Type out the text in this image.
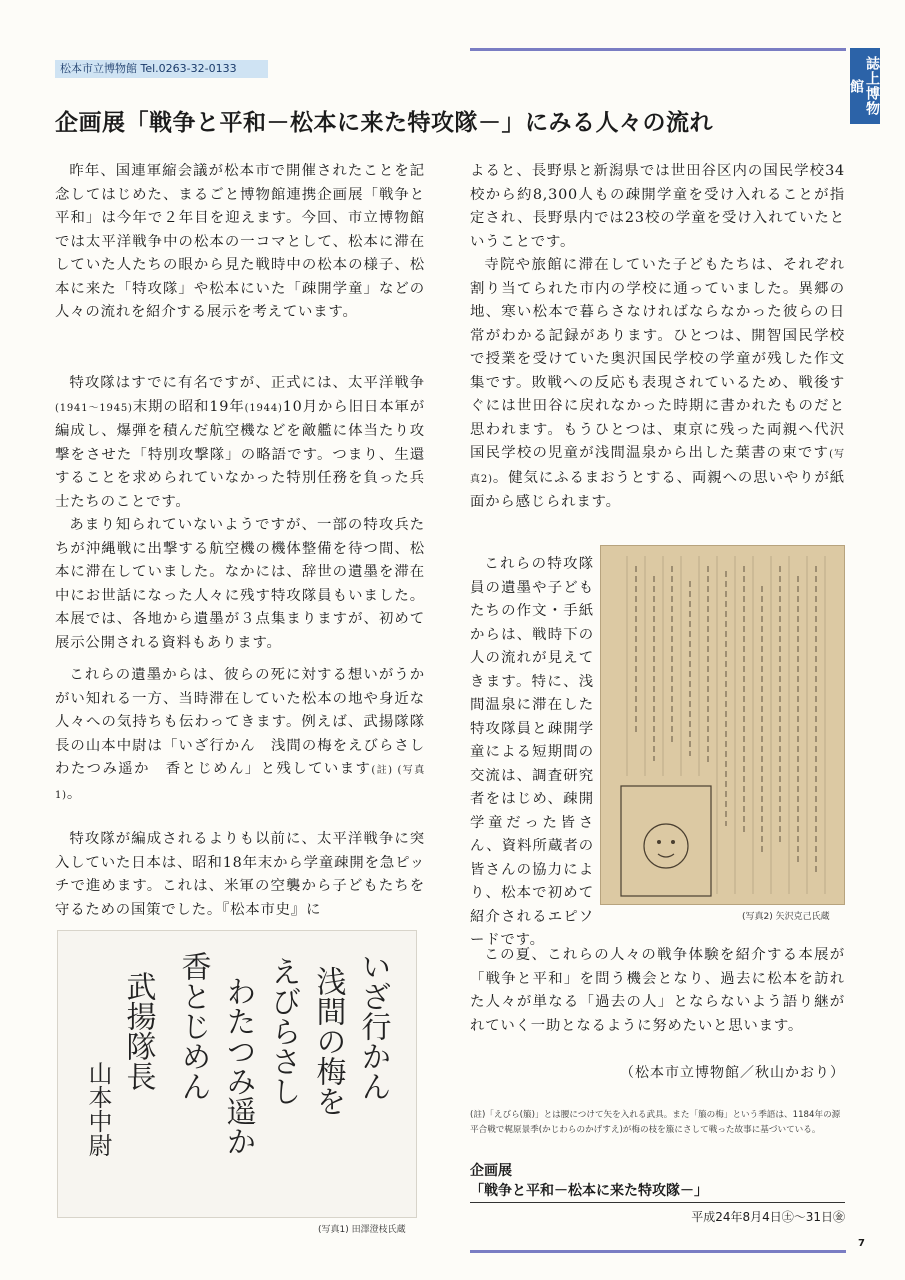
松本市立博物館 Tel.0263-32-0133	誌上博物館
企画展「戦争と平和－松本に来た特攻隊－」にみる人々の流れ

昨年、国連軍縮会議が松本市で開催されたことを記念してはじめた、まるごと博物館連携企画展「戦争と平和」は今年で２年目を迎えます。今回、市立博物館では太平洋戦争中の松本の一コマとして、松本に滞在していた人たちの眼から見た戦時中の松本の様子、松本に来た「特攻隊」や松本にいた「疎開学童」などの人々の流れを紹介する展示を考えています。

特攻隊はすでに有名ですが、正式には、太平洋戦争(1941～1945)末期の昭和19年(1944)10月から旧日本軍が編成し、爆弾を積んだ航空機などを敵艦に体当たり攻撃をさせた「特別攻撃隊」の略語です。つまり、生還することを求められていなかった特別任務を負った兵士たちのことです。

あまり知られていないようですが、一部の特攻兵たちが沖縄戦に出撃する航空機の機体整備を待つ間、松本に滞在していました。なかには、辞世の遺墨を滞在中にお世話になった人々に残す特攻隊員もいました。本展では、各地から遺墨が３点集まりますが、初めて展示公開される資料もあります。

これらの遺墨からは、彼らの死に対する想いがうかがい知れる一方、当時滞在していた松本の地や身近な人々への気持ちも伝わってきます。例えば、武揚隊隊長の山本中尉は「いざ行かん　浅間の梅をえびらさし　わたつみ遥か　香とじめん」と残しています(註) (写真1)。

特攻隊が編成されるよりも以前に、太平洋戦争に突入していた日本は、昭和18年末から学童疎開を急ピッチで進めます。これは、米軍の空襲から子どもたちを守るための国策でした。『松本市史』に

いざ行かん
浅間の梅を
えびらさし
わたつみ遥か
香とじめん
武揚隊長
山本中尉
(写真1) 田澤澄枝氏蔵

よると、長野県と新潟県では世田谷区内の国民学校34校から約8,300人もの疎開学童を受け入れることが指定され、長野県内では23校の学童を受け入れていたということです。

寺院や旅館に滞在していた子どもたちは、それぞれ割り当てられた市内の学校に通っていました。異郷の地、寒い松本で暮らさなければならなかった彼らの日常がわかる記録があります。ひとつは、開智国民学校で授業を受けていた奥沢国民学校の学童が残した作文集です。敗戦への反応も表現されているため、戦後すぐには世田谷に戻れなかった時期に書かれたものだと思われます。もうひとつは、東京に残った両親へ代沢国民学校の児童が浅間温泉から出した葉書の束です(写真2)。健気にふるまおうとする、両親への思いやりが紙面から感じられます。

これらの特攻隊員の遺墨や子どもたちの作文・手紙からは、戦時下の人の流れが見えてきます。特に、浅間温泉に滞在した特攻隊員と疎開学童による短期間の交流は、調査研究者をはじめ、疎開学童だった皆さん、資料所蔵者の皆さんの協力により、松本で初めて紹介されるエピソードです。

(写真2) 矢沢克己氏蔵

この夏、これらの人々の戦争体験を紹介する本展が「戦争と平和」を問う機会となり、過去に松本を訪れた人々が単なる「過去の人」とならないよう語り継がれていく一助となるように努めたいと思います。

（松本市立博物館／秋山かおり）

(註)「えびら(箙)」とは腰につけて矢を入れる武具。また「箙の梅」という季語は、1184年の源平合戦で梶原景季(かじわらのかげすえ)が梅の枝を箙にさして戦った故事に基づいている。

企画展
「戦争と平和－松本に来た特攻隊－」
平成24年8月4日㊏～31日㊎
7
